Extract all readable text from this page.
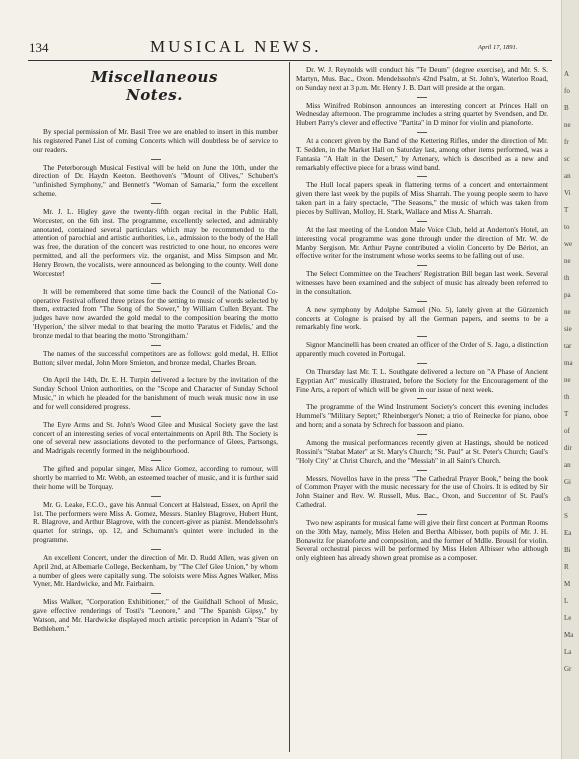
134	MUSICAL NEWS.	April 17, 1891.
Miscellaneous Notes.

By special permission of Mr. Basil Tree we are enabled to insert in this number his registered Panel List of coming Concerts which will doubtless be of service to our readers.

The Peterborough Musical Festival will be held on June the 10th, under the direction of Dr. Haydn Keeton. Beethoven's "Mount of Olives," Schubert's "unfinished Symphony," and Bennett's "Woman of Samaria," form the excellent scheme.

Mr. J. L. Higley gave the twenty-fifth organ recital in the Public Hall, Worcester, on the 6th inst. The programme, excellently selected, and admirably annotated, contained several particulars which may be recommended to the attention of parochial and artistic authorities, i.e., admission to the body of the Hall was free, the duration of the concert was restricted to one hour, no encores were permitted, and all the performers viz. the organist, and Miss Simpson and Mr. Henry Brown, the vocalists, were announced as belonging to the county. Well done Worcester!

It will be remembered that some time back the Council of the National Co-operative Festival offered three prizes for the setting to music of words selected by them, extracted from "The Song of the Sower," by William Cullen Bryant. The judges have now awarded the gold medal to the composition bearing the motto 'Hyperion,' the silver medal to that bearing the motto 'Paratus et Fidelis,' and the bronze medal to that bearing the motto 'Strongitham.'

The names of the successful competitors are as follows: gold medal, H. Elliot Button; silver medal, John More Smieton, and bronze medal, Charles Broan.

On April the 14th, Dr. E. H. Turpin delivered a lecture by the invitation of the Sunday School Union authorities, on the "Scope and Character of Sunday School Music," in which he pleaded for the banishment of much weak music now in use and for well considered progress.

The Eyre Arms and St. John's Wood Glee and Musical Society gave the last concert of an interesting series of vocal entertainments on April 8th. The Society is one of several new associations devoted to the performance of Glees, Partsongs, and Madrigals recently formed in the neighbourhood.

The gifted and popular singer, Miss Alice Gomez, according to rumour, will shortly be married to Mr. Webb, an esteemed teacher of music, and it is further said their home will be Torquay.

Mr. G. Leake, F.C.O., gave his Annual Concert at Halstead, Essex, on April the 1st. The performers were Miss A. Gomez, Messrs. Stanley Blagrove, Hubert Hunt, R. Blagrove, and Arthur Blagrove, with the concert-giver as pianist. Mendelssohn's quartet for strings, op. 12, and Schumann's quintet were included in the programme.

An excellent Concert, under the direction of Mr. D. Rudd Allen, was given on April 2nd, at Albemarle College, Beckenham, by "The Clef Glee Union," by whom a number of glees were capitally sung. The soloists were Miss Agnes Walker, Miss Vyner, Mr. Hardwicke, and Mr. Fairbairn.

Miss Walker, "Corporation Exhibitioner," of the Guildhall School of Music, gave effective renderings of Tosti's "Leonore," and "The Spanish Gipsy," by Watson, and Mr. Hardwicke displayed much artistic perception in Adam's "Star of Bethlehem."

Dr. W. J. Reynolds will conduct his "Te Deum" (degree exercise), and Mr. S. S. Martyn, Mus. Bac., Oxon. Mendelssohn's 42nd Psalm, at St. John's, Waterloo Road, on Sunday next at 3 p.m. Mr. Henry J. B. Dart will preside at the organ.

Miss Winifred Robinson announces an interesting concert at Princes Hall on Wednesday afternoon. The programme includes a string quartet by Svendsen, and Dr. Hubert Parry's clever and effective "Partita" in D minor for violin and pianoforte.

At a concert given by the Band of the Kettering Rifles, under the direction of Mr. T. Sedden, in the Market Hall on Saturday last, among other items performed, was a Fantasia "A Halt in the Desert," by Artenary, which is described as a new and remarkably effective piece for a brass wind band.

The Hull local papers speak in flattering terms of a concert and entertainment given there last week by the pupils of Miss Sharrah. The young people seem to have taken part in a fairy spectacle, "The Seasons," the music of which was taken from pieces by Sullivan, Molloy, H. Stark, Wallace and Miss A. Sharrah.

At the last meeting of the London Male Voice Club, held at Anderton's Hotel, an interesting vocal programme was gone through under the direction of Mr. W. de Manby Sergison. Mr. Arthur Payne contributed a violin Concerto by De Bériot, an effective writer for the instrument whose works seems to be falling out of use.

The Select Committee on the Teachers' Registration Bill began last week. Several witnesses have been examined and the subject of music has already been referred to in the consultation.

A new symphony by Adolphe Samuel (No. 5), lately given at the Gürzenich concerts at Cologne is praised by all the German papers, and seems to be a remarkably fine work.

Signor Mancinelli has been created an officer of the Order of S. Jago, a distinction apparently much coveted in Portugal.

On Thursday last Mr. T. L. Southgate delivered a lecture on "A Phase of Ancient Egyptian Art" musically illustrated, before the Society for the Encouragement of the Fine Arts, a report of which will be given in our issue of next week.

The programme of the Wind Instrument Society's concert this evening includes Hummel's "Military Septet;" Rheinberger's Nonet; a trio of Reinecke for piano, oboe and horn; and a sonata by Schrech for bassoon and piano.

Among the musical performances recently given at Hastings, should be noticed Rossini's "Stabat Mater" at St. Mary's Church; "St. Paul" at St. Peter's Church; Gaul's "Holy City" at Christ Church, and the "Messiah" in all Saint's Church.

Messrs. Novellos have in the press "The Cathedral Prayer Book," being the book of Common Prayer with the music necessary for the use of Choirs. It is edited by Sir John Stainer and Rev. W. Russell, Mus. Bac., Oxon, and Succentor of St. Paul's Cathedral.

Two new aspirants for musical fame will give their first concert at Portman Rooms on the 30th May, namely, Miss Helen and Bertha Albisser, both pupils of Mr. J. H. Bonawitz for pianoforte and composition, and the former of Mdlle. Brousil for violin. Several orchestral pieces will be performed by Miss Helen Albisser who although only eighteen has already shown great promise as a composer.

A
fo
B
ne
fr
sc
an
Vi
T
to
we
ne
th
pa
ne
sie
tar
ma
ne
th
T
of
dir
an
Gi
ch
S
Ea
Bi
R
M
L
Le
Ma
La
Gr
